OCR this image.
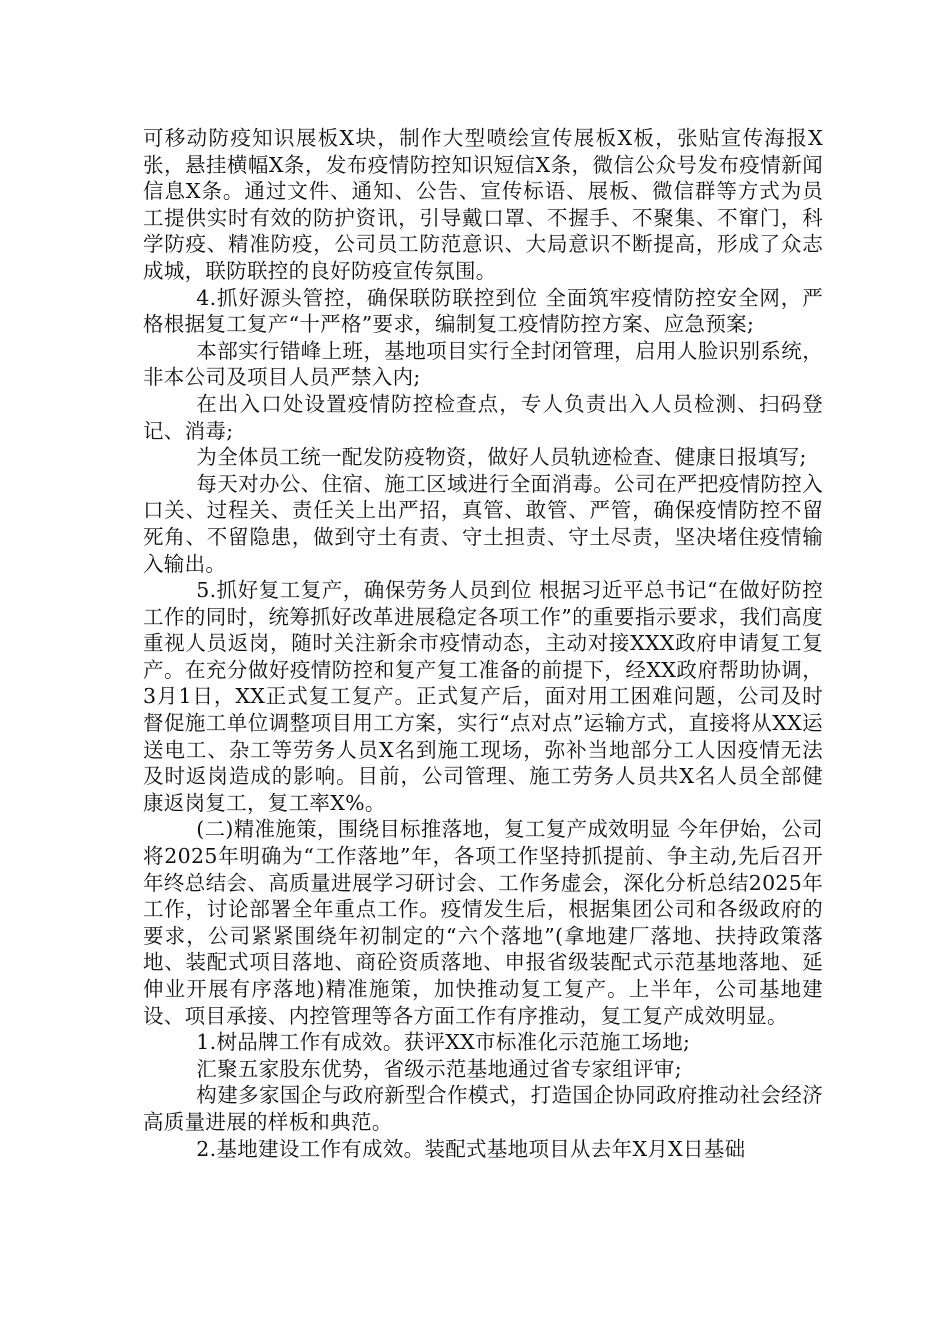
可移动防疫知识展板X块，制作大型喷绘宣传展板X板，张贴宣传海报X张，悬挂横幅X条，发布疫情防控知识短信X条，微信公众号发布疫情新闻信息X条。通过文件、通知、公告、宣传标语、展板、微信群等方式为员工提供实时有效的防护资讯，引导戴口罩、不握手、不聚集、不窜门，科学防疫、精准防疫，公司员工防范意识、大局意识不断提高，形成了众志成城，联防联控的良好防疫宣传氛围。

4.抓好源头管控，确保联防联控到位 全面筑牢疫情防控安全网，严格根据复工复产“十严格”要求，编制复工疫情防控方案、应急预案;

本部实行错峰上班，基地项目实行全封闭管理，启用人脸识别系统，非本公司及项目人员严禁入内;

在出入口处设置疫情防控检查点，专人负责出入人员检测、扫码登记、消毒;

为全体员工统一配发防疫物资，做好人员轨迹检查、健康日报填写;

每天对办公、住宿、施工区域进行全面消毒。公司在严把疫情防控入口关、过程关、责任关上出严招，真管、敢管、严管，确保疫情防控不留死角、不留隐患，做到守土有责、守土担责、守土尽责，坚决堵住疫情输入输出。

5.抓好复工复产，确保劳务人员到位 根据习近平总书记“在做好防控工作的同时，统筹抓好改革进展稳定各项工作”的重要指示要求，我们高度重视人员返岗，随时关注新余市疫情动态，主动对接XXX政府申请复工复产。在充分做好疫情防控和复产复工准备的前提下，经XX政府帮助协调，3月1日，XX正式复工复产。正式复产后，面对用工困难问题，公司及时督促施工单位调整项目用工方案，实行“点对点”运输方式，直接将从XX运送电工、杂工等劳务人员X名到施工现场，弥补当地部分工人因疫情无法及时返岗造成的影响。目前，公司管理、施工劳务人员共X名人员全部健康返岗复工，复工率X%。

(二)精准施策，围绕目标推落地，复工复产成效明显 今年伊始，公司将2025年明确为“工作落地”年，各项工作坚持抓提前、争主动,先后召开年终总结会、高质量进展学习研讨会、工作务虚会，深化分析总结2025年工作，讨论部署全年重点工作。疫情发生后，根据集团公司和各级政府的要求，公司紧紧围绕年初制定的“六个落地”(拿地建厂落地、扶持政策落地、装配式项目落地、商砼资质落地、申报省级装配式示范基地落地、延伸业开展有序落地)精准施策，加快推动复工复产。上半年，公司基地建设、项目承接、内控管理等各方面工作有序推动，复工复产成效明显。

1.树品牌工作有成效。获评XX市标准化示范施工场地;

汇聚五家股东优势，省级示范基地通过省专家组评审;

构建多家国企与政府新型合作模式，打造国企协同政府推动社会经济高质量进展的样板和典范。

2.基地建设工作有成效。装配式基地项目从去年X月X日基础
